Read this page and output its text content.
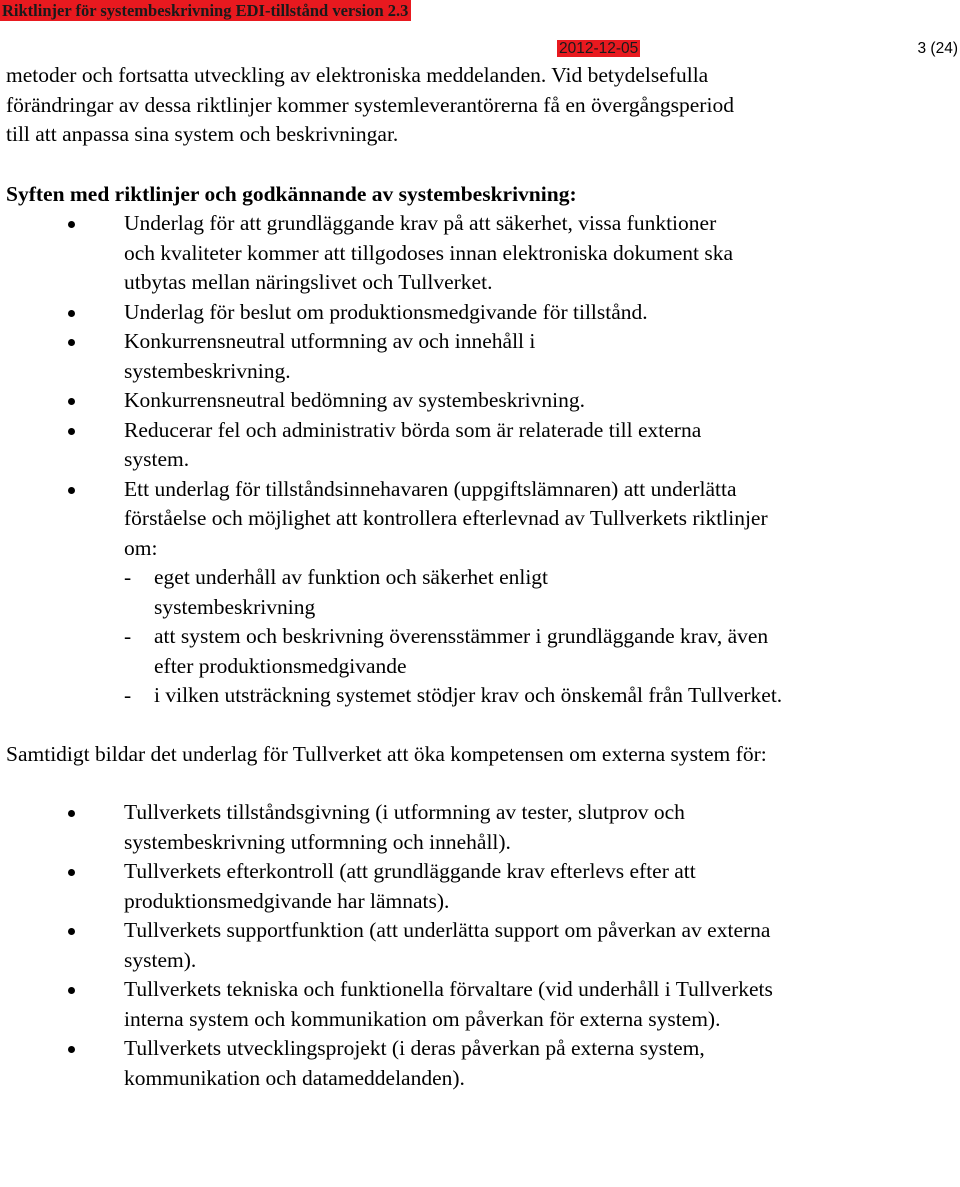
Riktlinjer för systembeskrivning EDI-tillstånd version 2.3
2012-12-05	3 (24)

metoder och fortsatta utveckling av elektroniska meddelanden. Vid betydelsefulla förändringar av dessa riktlinjer kommer systemleverantörerna få en övergångsperiod till att anpassa sina system och beskrivningar.

Syften med riktlinjer och godkännande av systembeskrivning:

Underlag för att grundläggande krav på att säkerhet, vissa funktioner och kvaliteter kommer att tillgodoses innan elektroniska dokument ska utbytas mellan näringslivet och Tullverket.
Underlag för beslut om produktionsmedgivande för tillstånd.
Konkurrensneutral utformning av och innehåll i systembeskrivning.
Konkurrensneutral bedömning av systembeskrivning.
Reducerar fel och administrativ börda som är relaterade till externa system.
Ett underlag för tillståndsinnehavaren (uppgiftslämnaren) att underlätta förståelse och möjlighet att kontrollera efterlevnad av Tullverkets riktlinjer om:
- eget underhåll av funktion och säkerhet enligt systembeskrivning
- att system och beskrivning överensstämmer i grundläggande krav, även efter produktionsmedgivande
- i vilken utsträckning systemet stödjer krav och önskemål från Tullverket.

Samtidigt bildar det underlag för Tullverket att öka kompetensen om externa system för:

Tullverkets tillståndsgivning (i utformning av tester, slutprov och systembeskrivning utformning och innehåll).
Tullverkets efterkontroll (att grundläggande krav efterlevs efter att produktionsmedgivande har lämnats).
Tullverkets supportfunktion (att underlätta support om påverkan av externa system).
Tullverkets tekniska och funktionella förvaltare (vid underhåll i Tullverkets interna system och kommunikation om påverkan för externa system).
Tullverkets utvecklingsprojekt (i deras påverkan på externa system, kommunikation och datameddelanden).
